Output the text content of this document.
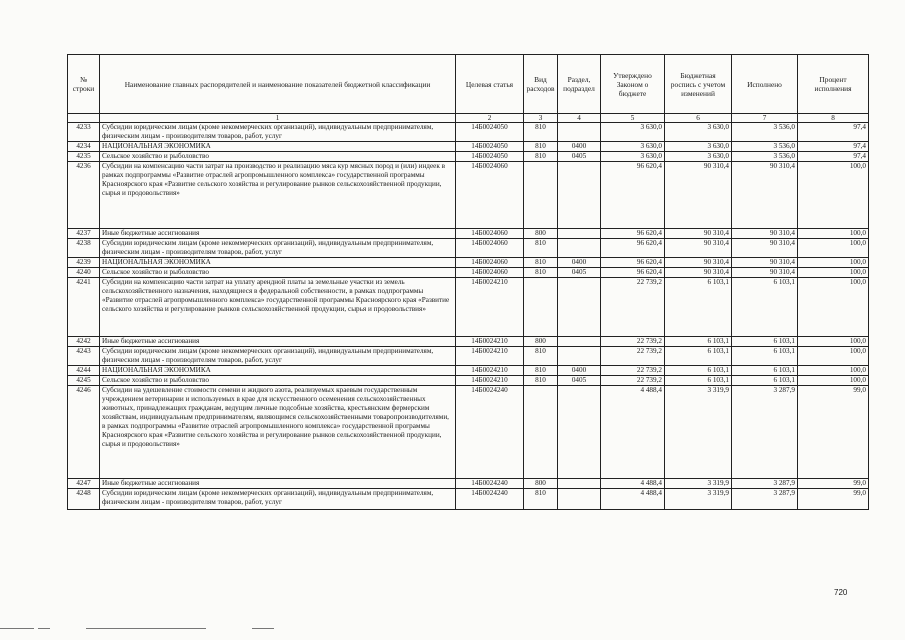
№ строки	Наименование главных распорядителей и наименование показателей бюджетной классификации	Целевая статья	Вид расходов	Раздел, подраздел	Утверждено Законом о бюджете	Бюджетная роспись с учетом изменений	Исполнено	Процент исполнения
	1	2	3	4	5	6	7	8
4233	Субсидии юридическим лицам (кроме некоммерческих организаций), индивидуальным предпринимателям, физическим лицам - производителям товаров, работ, услуг	14Б0024050	810		3 630,0	3 630,0	3 536,0	97,4
4234	НАЦИОНАЛЬНАЯ ЭКОНОМИКА	14Б0024050	810	0400	3 630,0	3 630,0	3 536,0	97,4
4235	Сельское хозяйство и рыболовство	14Б0024050	810	0405	3 630,0	3 630,0	3 536,0	97,4
4236	Субсидии на компенсацию части затрат на производство и реализацию мяса кур мясных пород и (или) индеек в рамках подпрограммы «Развитие отраслей агропромышленного комплекса» государственной программы Красноярского края «Развитие сельского хозяйства и регулирование рынков сельскохозяйственной продукции, сырья и продовольствия»	14Б0024060			96 620,4	90 310,4	90 310,4	100,0
4237	Иные бюджетные ассигнования	14Б0024060	800		96 620,4	90 310,4	90 310,4	100,0
4238	Субсидии юридическим лицам (кроме некоммерческих организаций), индивидуальным предпринимателям, физическим лицам - производителям товаров, работ, услуг	14Б0024060	810		96 620,4	90 310,4	90 310,4	100,0
4239	НАЦИОНАЛЬНАЯ ЭКОНОМИКА	14Б0024060	810	0400	96 620,4	90 310,4	90 310,4	100,0
4240	Сельское хозяйство и рыболовство	14Б0024060	810	0405	96 620,4	90 310,4	90 310,4	100,0
4241	Субсидии на компенсацию части затрат на уплату арендной платы за земельные участки из земель сельскохозяйственного назначения, находящиеся в федеральной собственности, в рамках подпрограммы «Развитие отраслей агропромышленного комплекса» государственной программы Красноярского края «Развитие сельского хозяйства и регулирование рынков сельскохозяйственной продукции, сырья и продовольствия»	14Б0024210			22 739,2	6 103,1	6 103,1	100,0
4242	Иные бюджетные ассигнования	14Б0024210	800		22 739,2	6 103,1	6 103,1	100,0
4243	Субсидии юридическим лицам (кроме некоммерческих организаций), индивидуальным предпринимателям, физическим лицам - производителям товаров, работ, услуг	14Б0024210	810		22 739,2	6 103,1	6 103,1	100,0
4244	НАЦИОНАЛЬНАЯ ЭКОНОМИКА	14Б0024210	810	0400	22 739,2	6 103,1	6 103,1	100,0
4245	Сельское хозяйство и рыболовство	14Б0024210	810	0405	22 739,2	6 103,1	6 103,1	100,0
4246	Субсидии на удешевление стоимости семени и жидкого азота, реализуемых краевым государственным учреждением ветеринарии и используемых в крае для искусственного осеменения сельскохозяйственных животных, принадлежащих гражданам, ведущим личные подсобные хозяйства, крестьянским фермерским хозяйствам, индивидуальным предпринимателям, являющимся сельскохозяйственными товаропроизводителями, в рамках подпрограммы «Развитие отраслей агропромышленного комплекса» государственной программы Красноярского края «Развитие сельского хозяйства и регулирование рынков сельскохозяйственной продукции, сырья и продовольствия»	14Б0024240			4 488,4	3 319,9	3 287,9	99,0
4247	Иные бюджетные ассигнования	14Б0024240	800		4 488,4	3 319,9	3 287,9	99,0
4248	Субсидии юридическим лицам (кроме некоммерческих организаций), индивидуальным предпринимателям, физическим лицам - производителям товаров, работ, услуг	14Б0024240	810		4 488,4	3 319,9	3 287,9	99,0
720
